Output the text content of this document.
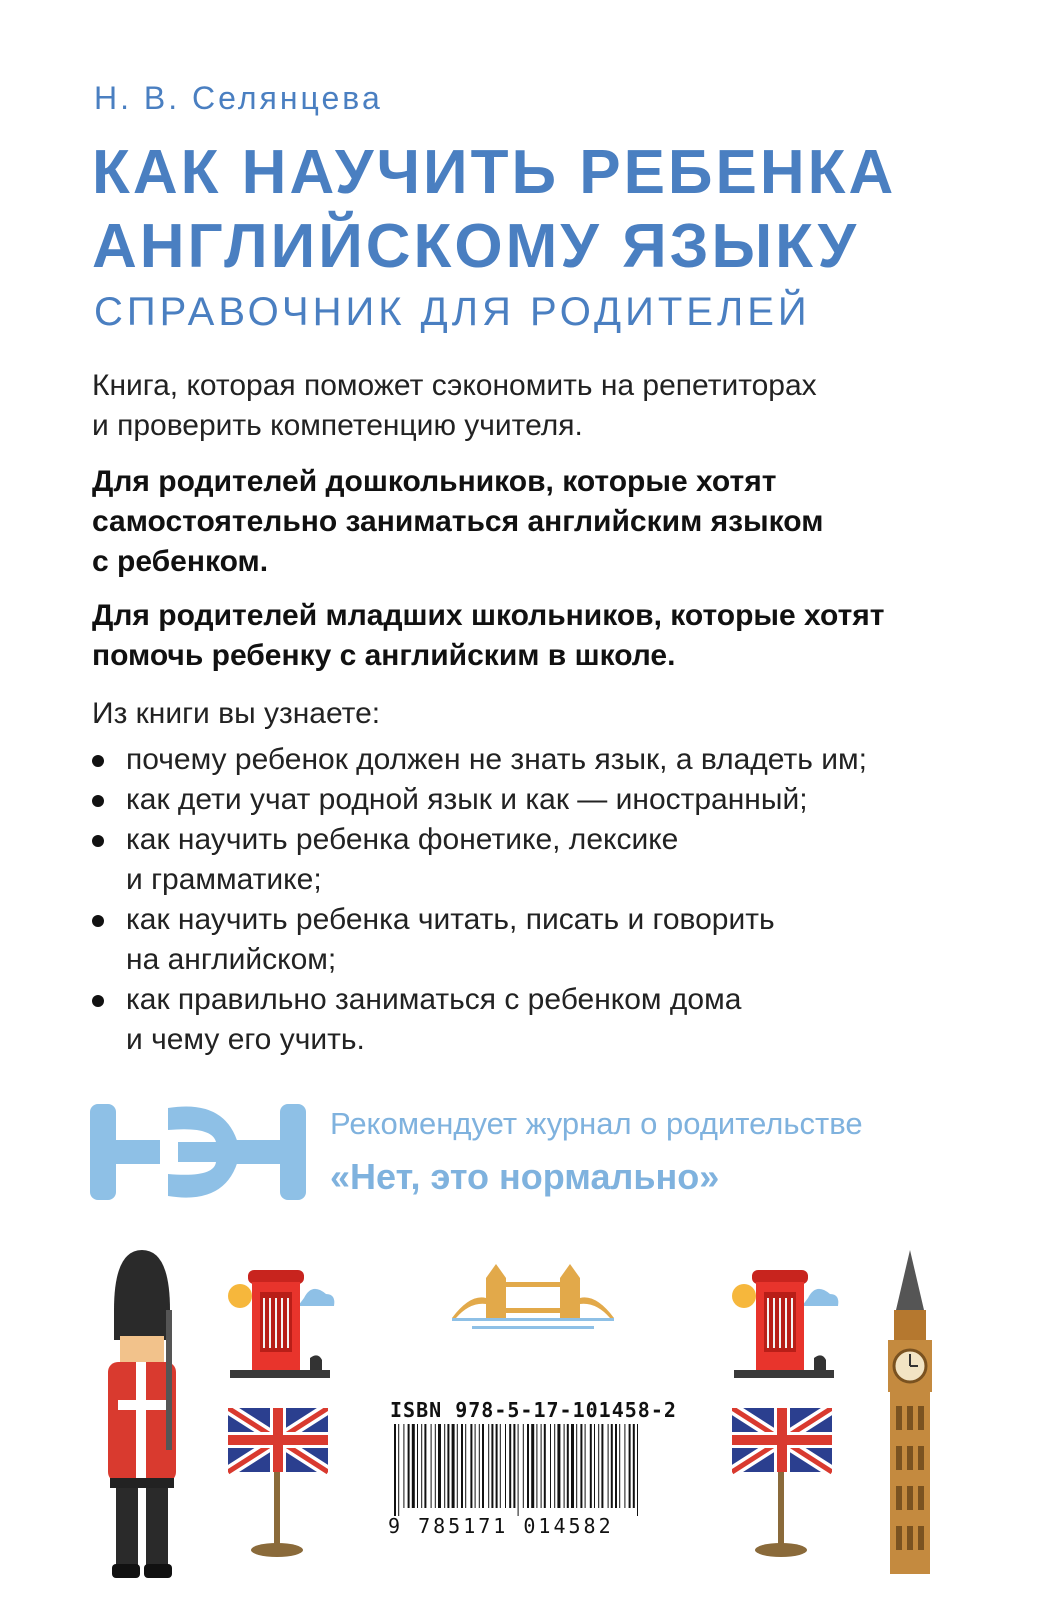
Н. В. Селянцева
КАК НАУЧИТЬ РЕБЕНКА
АНГЛИЙСКОМУ ЯЗЫКУ
СПРАВОЧНИК ДЛЯ РОДИТЕЛЕЙ
Книга, которая поможет сэкономить на репетиторах
и проверить компетенцию учителя.
Для родителей дошкольников, которые хотят
самостоятельно заниматься английским языком
с ребенком.
Для родителей младших школьников, которые хотят
помочь ребенку с английским в школе.
Из книги вы узнаете:
почему ребенок должен не знать язык, а владеть им;
как дети учат родной язык и как — иностранный;
как научить ребенка фонетике, лексике
и грамматике;
как научить ребенка читать, писать и говорить
на английском;
как правильно заниматься с ребенком дома
и чему его учить.
Рекомендует журнал о родительстве
«Нет, это нормально»
ISBN 978-5-17-101458-2
9 785171 014582
